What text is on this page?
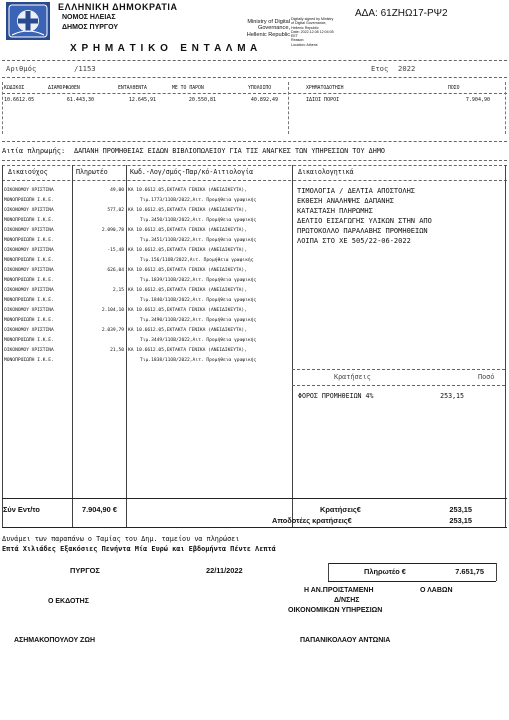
ΕΛΛΗΝΙΚΗ ΔΗΜΟΚΡΑΤΙΑ
ΝΟΜΟΣ ΗΛΕΙΑΣ
ΔΗΜΟΣ ΠΥΡΓΟΥ
Χ Ρ Η Μ Α Τ Ι Κ Ο   Ε Ν Τ Α Λ Μ Α
Ministry of Digital
Governance,
Hellenic Republic
Digitally signed by Ministry
of Digital Governance,
Hellenic Republic
Date: 2022.12.08 12:04:05
EET
Reason:
Location: Athens
ΑΔΑ: 61ΖΗΩ17-ΡΨ2
Αριθμός	/1153	Ετος 2022
ΚΩΔΙΚΟΣ	ΔΙΑΜΟΡΦΩΘΕΝ	ΕΝΤΑΛΘΕΝΤΑ	ΜΕ ΤΟ ΠΑΡΟΝ	ΥΠΟΛΟΙΠΟ	ΧΡΗΜΑΤΟΔΟΤΗΣΗ	ΠΟΣΟ
10.6612.05	61.443,30	12.645,91	20.550,81	40.892,49	ΙΔΙΟΙ ΠΟΡΟΙ	7.904,90
Αιτία πληρωμής: ΔΑΠΑΝΗ ΠΡΟΜΗΘΕΙΑΣ ΕΙΔΩΝ ΒΙΒΛΙΟΠΩΛΕΙΟΥ ΓΙΑ ΤΙΣ ΑΝΑΓΚΕΣ ΤΩΝ ΥΠΗΡΕΣΙΩΝ ΤΟΥ ΔΗΜΟ
Δικαιούχος	Πληρωτέο	Κωδ.-Λογ/σμός-Παρ/κό-Αιτιολογία	Δικαιολογητικά
ΟΙΚΟΝΟΜΟΥ ΧΡΙΣΤΙΝΑ	49,00 ΚΑ 10.6612.05,ΕΚΤΑΚΤΑ ΓΕΝΙΚΑ (ΑΝΕΙΔΙΚΕΥΤΑ),
ΜΟΝΟΠΡΟΣΩΠΗ Ι.Κ.Ε.	Τιμ.1773/11ΟΒ/2022,Αιτ. Προμήθεια γραφικής
ΟΙΚΟΝΟΜΟΥ ΧΡΙΣΤΙΝΑ	577,02 ΚΑ 10.6612.05,ΕΚΤΑΚΤΑ ΓΕΝΙΚΑ (ΑΝΕΙΔΙΚΕΥΤΑ),
ΜΟΝΟΠΡΟΣΩΠΗ Ι.Κ.Ε.	Τιμ.3450/11ΟΒ/2022,Αιτ. Προμήθεια γραφικής
ΟΙΚΟΝΟΜΟΥ ΧΡΙΣΤΙΝΑ	2.090,78 ΚΑ 10.6612.05,ΕΚΤΑΚΤΑ ΓΕΝΙΚΑ (ΑΝΕΙΔΙΚΕΥΤΑ),
ΜΟΝΟΠΡΟΣΩΠΗ Ι.Κ.Ε.	Τιμ.3451/11ΟΒ/2022,Αιτ. Προμήθεια γραφικής
ΟΙΚΟΝΟΜΟΥ ΧΡΙΣΤΙΝΑ	-15,48 ΚΑ 10.6612.05,ΕΚΤΑΚΤΑ ΓΕΝΙΚΑ (ΑΝΕΙΔΙΚΕΥΤΑ),
ΜΟΝΟΠΡΟΣΩΠΗ Ι.Κ.Ε.	Τιμ.156/11ΟΒ/2022,Αιτ. Προμήθεια γραφικής
ΟΙΚΟΝΟΜΟΥ ΧΡΙΣΤΙΝΑ	626,04 ΚΑ 10.6612.05,ΕΚΤΑΚΤΑ ΓΕΝΙΚΑ (ΑΝΕΙΔΙΚΕΥΤΑ),
ΜΟΝΟΠΡΟΣΩΠΗ Ι.Κ.Ε.	Τιμ.1839/11ΟΒ/2022,Αιτ. Προμήθεια γραφικής
ΟΙΚΟΝΟΜΟΥ ΧΡΙΣΤΙΝΑ	2,15 ΚΑ 10.6612.05,ΕΚΤΑΚΤΑ ΓΕΝΙΚΑ (ΑΝΕΙΔΙΚΕΥΤΑ),
ΜΟΝΟΠΡΟΣΩΠΗ Ι.Κ.Ε.	Τιμ.1840/11ΟΒ/2022,Αιτ. Προμήθεια γραφικής
ΟΙΚΟΝΟΜΟΥ ΧΡΙΣΤΙΝΑ	2.104,10 ΚΑ 10.6612.05,ΕΚΤΑΚΤΑ ΓΕΝΙΚΑ (ΑΝΕΙΔΙΚΕΥΤΑ),
ΜΟΝΟΠΡΟΣΩΠΗ Ι.Κ.Ε.	Τιμ.3490/11ΟΒ/2022,Αιτ. Προμήθεια γραφικής
ΟΙΚΟΝΟΜΟΥ ΧΡΙΣΤΙΝΑ	2.039,79 ΚΑ 10.6612.05,ΕΚΤΑΚΤΑ ΓΕΝΙΚΑ (ΑΝΕΙΔΙΚΕΥΤΑ),
ΜΟΝΟΠΡΟΣΩΠΗ Ι.Κ.Ε.	Τιμ.3449/11ΟΒ/2022,Αιτ. Προμήθεια γραφικής
ΟΙΚΟΝΟΜΟΥ ΧΡΙΣΤΙΝΑ	21,50 ΚΑ 10.6612.05,ΕΚΤΑΚΤΑ ΓΕΝΙΚΑ (ΑΝΕΙΔΙΚΕΥΤΑ),
ΜΟΝΟΠΡΟΣΩΠΗ Ι.Κ.Ε.	Τιμ.1838/11ΟΒ/2022,Αιτ. Προμήθεια γραφικής
ΤΙΜΟΛΟΓΙΑ / ΔΕΛΤΙΑ ΑΠΟΣΤΟΛΗΣ
ΕΚΘΕΣΗ ΑΝΑΛΗΨΗΣ ΔΑΠΑΝΗΣ
ΚΑΤΑΣΤΑΣΗ ΠΛΗΡΩΜΗΣ
ΔΕΛΤΙΟ ΕΙΣΑΓΩΓΗΣ ΥΛΙΚΩΝ ΣΤΗΝ ΑΠΟ
ΠΡΩΤΟΚΟΛΛΟ ΠΑΡΑΛΑΒΗΣ ΠΡΟΜΗΘΕΙΩΝ
ΛΟΙΠΑ ΣΤΟ ΧΕ 505/22-06-2022
Κρατήσεις	Ποσό
ΦΟΡΟΣ ΠΡΟΜΗΘΕΙΩΝ 4%	253,15
Σύν Εντ/το	7.904,90 €	Κρατήσεις€	253,15
Αποδοτέες κρατήσεις€	253,15
Δυνάμει των παραπάνω ο Ταμίας του Δημ. ταμείου να πληρώσει
Επτά Χιλιάδες Εξακόσιες Πενήντα Μία Ευρώ και Εβδομήντα Πέντε Λεπτά
ΠΥΡΓΟΣ	22/11/2022	Πληρωτέο €	7.651,75
Ο ΕΚΔΟΤΗΣ
Η ΑΝ.ΠΡΟΙΣΤΑΜΕΝΗ
Δ/ΝΣΗΣ
ΟΙΚΟΝΟΜΙΚΩΝ ΥΠΗΡΕΣΙΩΝ
Ο ΛΑΒΩΝ
ΑΣΗΜΑΚΟΠΟΥΛΟΥ ΖΩΗ	ΠΑΠΑΝΙΚΟΛΑΟΥ ΑΝΤΩΝΙΑ
